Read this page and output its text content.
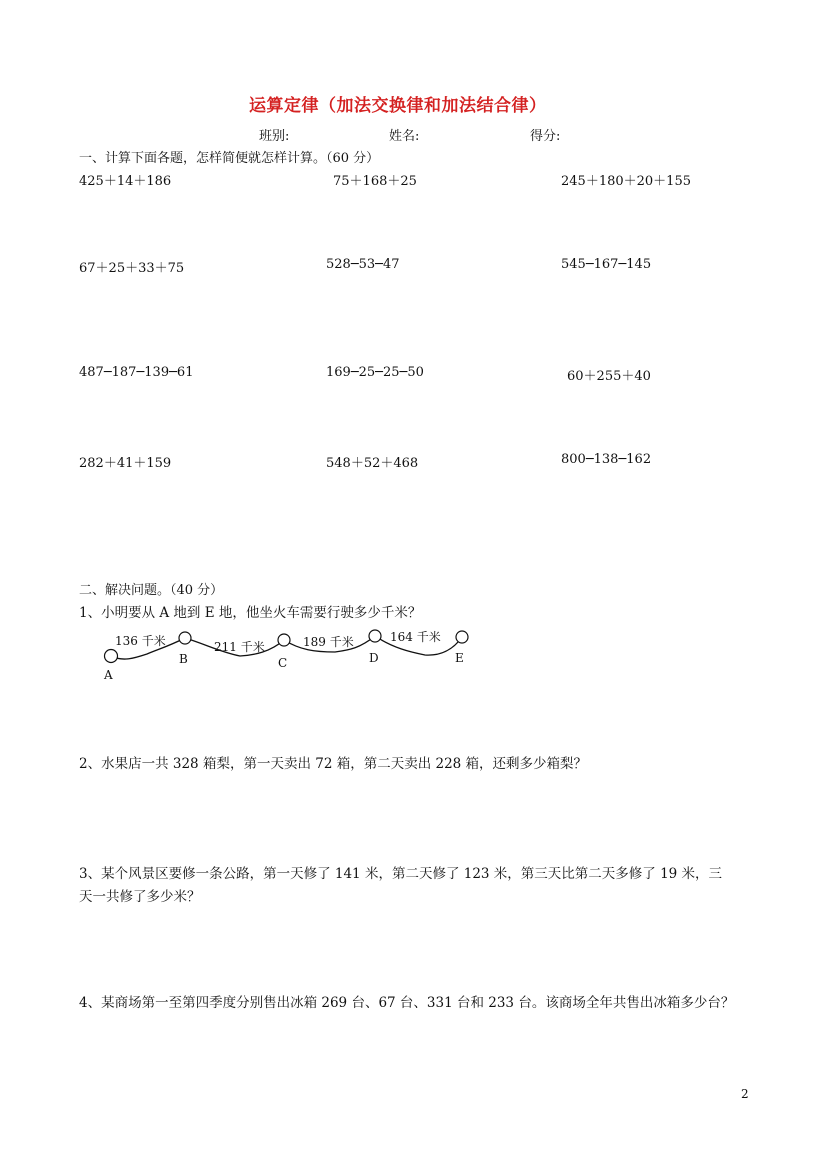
运算定律（加法交换律和加法结合律）
班别:	姓名:	得分:
一、计算下面各题，怎样简便就怎样计算。（60 分）
425＋14＋186	75＋168＋25	245＋180＋20＋155
67＋25＋33＋75	528─53─47	545─167─145
487─187─139─61	169─25─25─50	60＋255＋40
282＋41＋159	548＋52＋468	800─138─162
二、解决问题。（40 分）
1、小明要从 A 地到 E 地，他坐火车需要行驶多少千米？
136 千米	211 千米	189 千米	164 千米
A
B	C	D	E
2、水果店一共 328 箱梨，第一天卖出 72 箱，第二天卖出 228 箱，还剩多少箱梨？
3、某个风景区要修一条公路，第一天修了 141 米，第二天修了 123 米，第三天比第二天多修了 19 米，三
天一共修了多少米？
4、某商场第一至第四季度分别售出冰箱 269 台、67 台、331 台和 233 台。该商场全年共售出冰箱多少台？
2
